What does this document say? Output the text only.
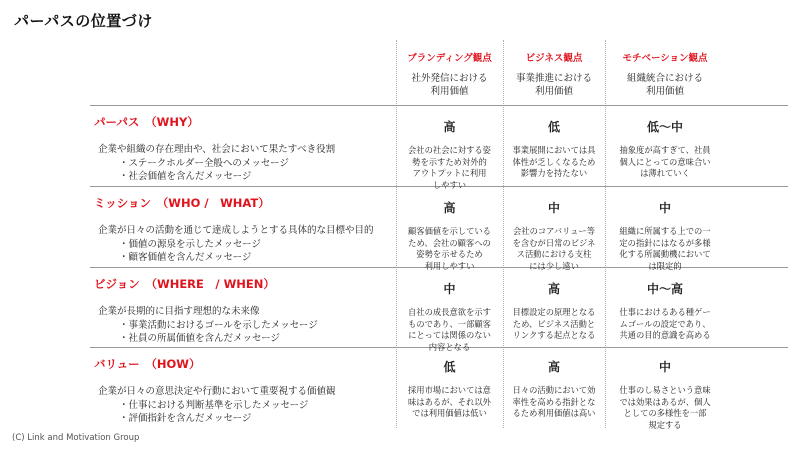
パーパスの位置づけ
ブランディング観点
社外発信における
利用価値
ビジネス観点
事業推進における
利用価値
モチベーション観点
組織統合における
利用価値
パーパス　（WHY）
企業や組織の存在理由や、社会において果たすべき役割
・ステークホルダー全般へのメッセージ
・社会価値を含んだメッセージ
高
会社の社会に対する姿
勢を示すため対外的
アウトプットに利用
しやすい
低
事業展開においては具
体性が乏しくなるため
影響力を持たない
低〜中
抽象度が高すぎて、社員
個人にとっての意味合い
は薄れていく
ミッション　（WHO /　WHAT）
企業が日々の活動を通じて達成しようとする具体的な目標や目的
・価値の源泉を示したメッセージ
・顧客価値を含んだメッセージ
高
顧客価値を示している
ため、会社の顧客への
姿勢を示せるため
利用しやすい
中
会社のコアバリュー等
を含むが日常のビジネ
ス活動における支柱
には少し遠い
中
組織に所属する上での一
定の指針にはなるが多様
化する所属動機において
は限定的
ビジョン　（WHERE　/ WHEN）
企業が長期的に目指す理想的な未来像
・事業活動におけるゴールを示したメッセージ
・社員の所属価値を含んだメッセージ
中
自社の成長意欲を示す
ものであり、一部顧客
にとっては関係のない
内容となる
高
目標設定の原理となる
ため、ビジネス活動と
リンクする起点となる
中〜高
仕事におけるある種ゲー
ムゴールの設定であり、
共通の目的意識を高める
バリュー　（HOW）
企業が日々の意思決定や行動において重要視する価値観
・仕事における判断基準を示したメッセージ
・評価指針を含んだメッセージ
低
採用市場においては意
味はあるが、それ以外
では利用価値は低い
高
日々の活動において効
率性を高める指針とな
るため利用価値は高い
中
仕事のし易さという意味
では効果はあるが、個人
としての多様性を一部
規定する
(C) Link and Motivation Group
